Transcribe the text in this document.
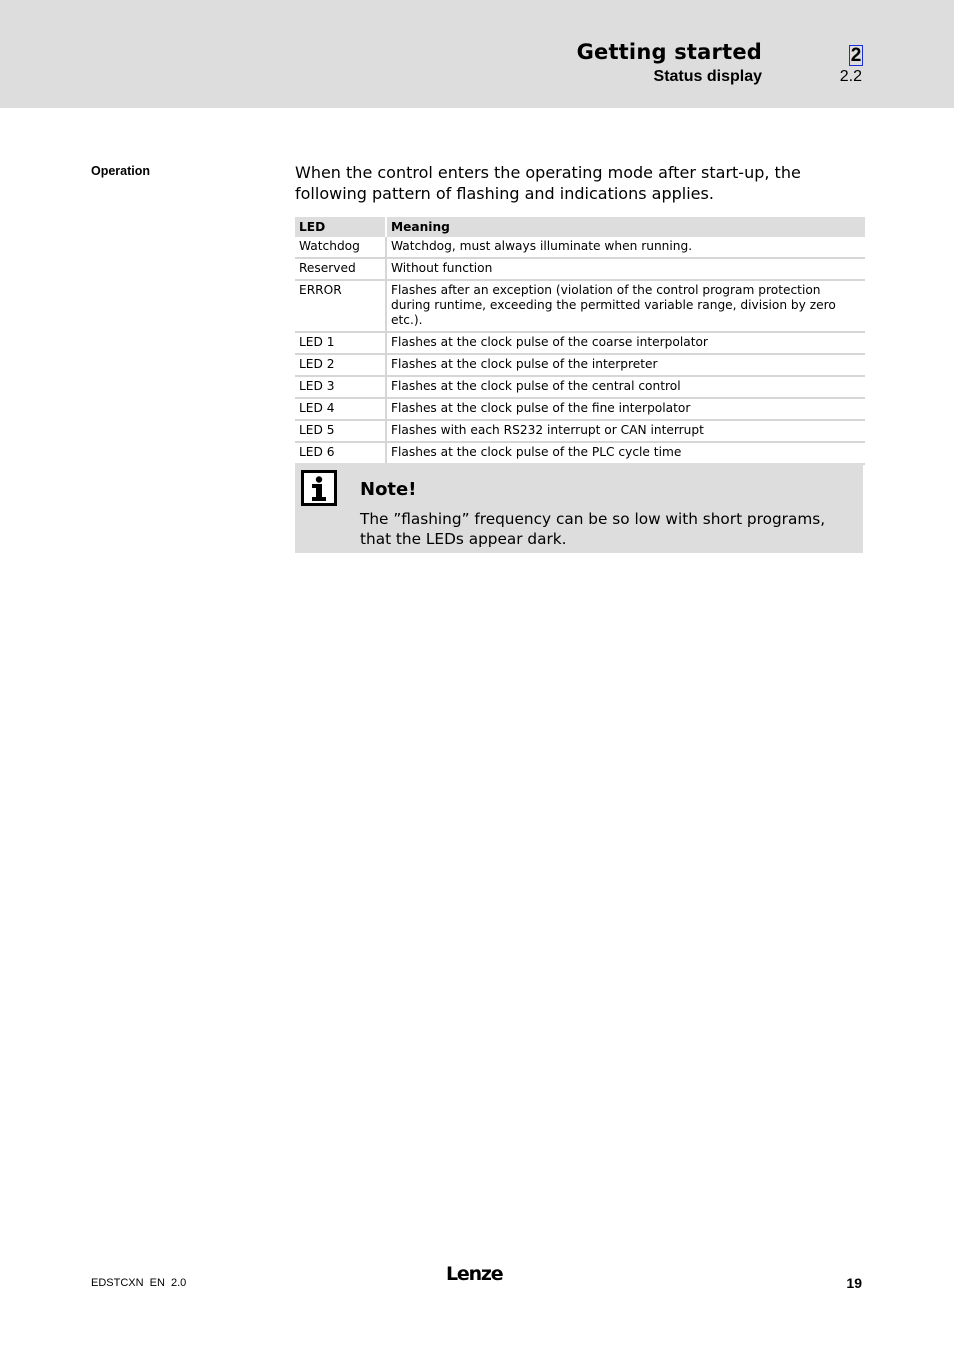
Getting started	2
Status display	2.2
Operation	When the control enters the operating mode after start-up, the following pattern of flashing and indications applies.
LED	Meaning
Watchdog	Watchdog, must always illuminate when running.
Reserved	Without function
ERROR	Flashes after an exception (violation of the control program protection during runtime, exceeding the permitted variable range, division by zero etc.).
LED 1	Flashes at the clock pulse of the coarse interpolator
LED 2	Flashes at the clock pulse of the interpreter
LED 3	Flashes at the clock pulse of the central control
LED 4	Flashes at the clock pulse of the fine interpolator
LED 5	Flashes with each RS232 interrupt or CAN interrupt
LED 6	Flashes at the clock pulse of the PLC cycle time
Note!
The ”flashing” frequency can be so low with short programs, that the LEDs appear dark.
EDSTCXN EN 2.0	Lenze	19
